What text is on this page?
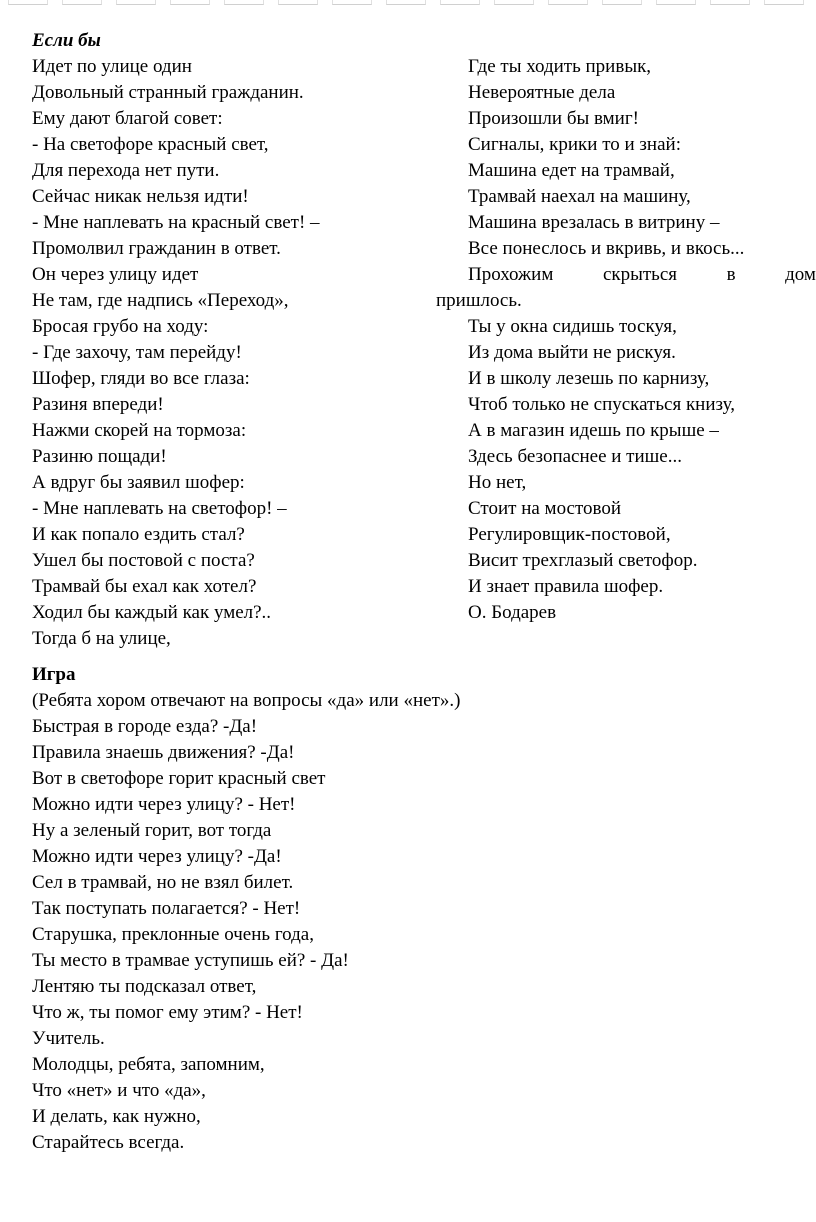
Если бы
Идет по улице один
Довольный странный гражданин.
Ему дают благой совет:
- На светофоре красный свет,
Для перехода нет пути.
Сейчас никак нельзя идти!
- Мне наплевать на красный свет! –
Промолвил гражданин в ответ.
Он через улицу идет
Не там, где надпись «Переход»,
Бросая грубо на ходу:
- Где захочу, там перейду!
Шофер, гляди во все глаза:
Разиня впереди!
Нажми скорей на тормоза:
Разиню пощади!
А вдруг бы заявил шофер:
- Мне наплевать на светофор! –
И как попало ездить стал?
Ушел бы постовой с поста?
Трамвай бы ехал как хотел?
Ходил бы каждый как умел?..
Тогда б на улице,
Где ты ходить привык,
Невероятные дела
Произошли бы вмиг!
Сигналы, крики то и знай:
Машина едет на трамвай,
Трамвай наехал на машину,
Машина врезалась в витрину –
Все понеслось и вкривь, и вкось...
Прохожим	скрыться	в	дом
пришлось.
Ты у окна сидишь тоскуя,
Из дома выйти не рискуя.
И в школу лезешь по карнизу,
Чтоб только не спускаться книзу,
А в магазин идешь по крыше –
Здесь безопаснее и тише...
Но нет,
Стоит на мостовой
Регулировщик-постовой,
Висит трехглазый светофор.
И знает правила шофер.
О. Бодарев
Игра
(Ребята хором отвечают на вопросы «да» или «нет».)
Быстрая в городе езда? -Да!
Правила знаешь движения? -Да!
Вот в светофоре горит красный свет
Можно идти через улицу? - Нет!
Ну а зеленый горит, вот тогда
Можно идти через улицу? -Да!
Сел в трамвай, но не взял билет.
Так поступать полагается? - Нет!
Старушка, преклонные очень года,
Ты место в трамвае уступишь ей? - Да!
Лентяю ты подсказал ответ,
Что ж, ты помог ему этим? - Нет!
Учитель.
Молодцы, ребята, запомним,
Что «нет» и что «да»,
И делать, как нужно,
Старайтесь всегда.
